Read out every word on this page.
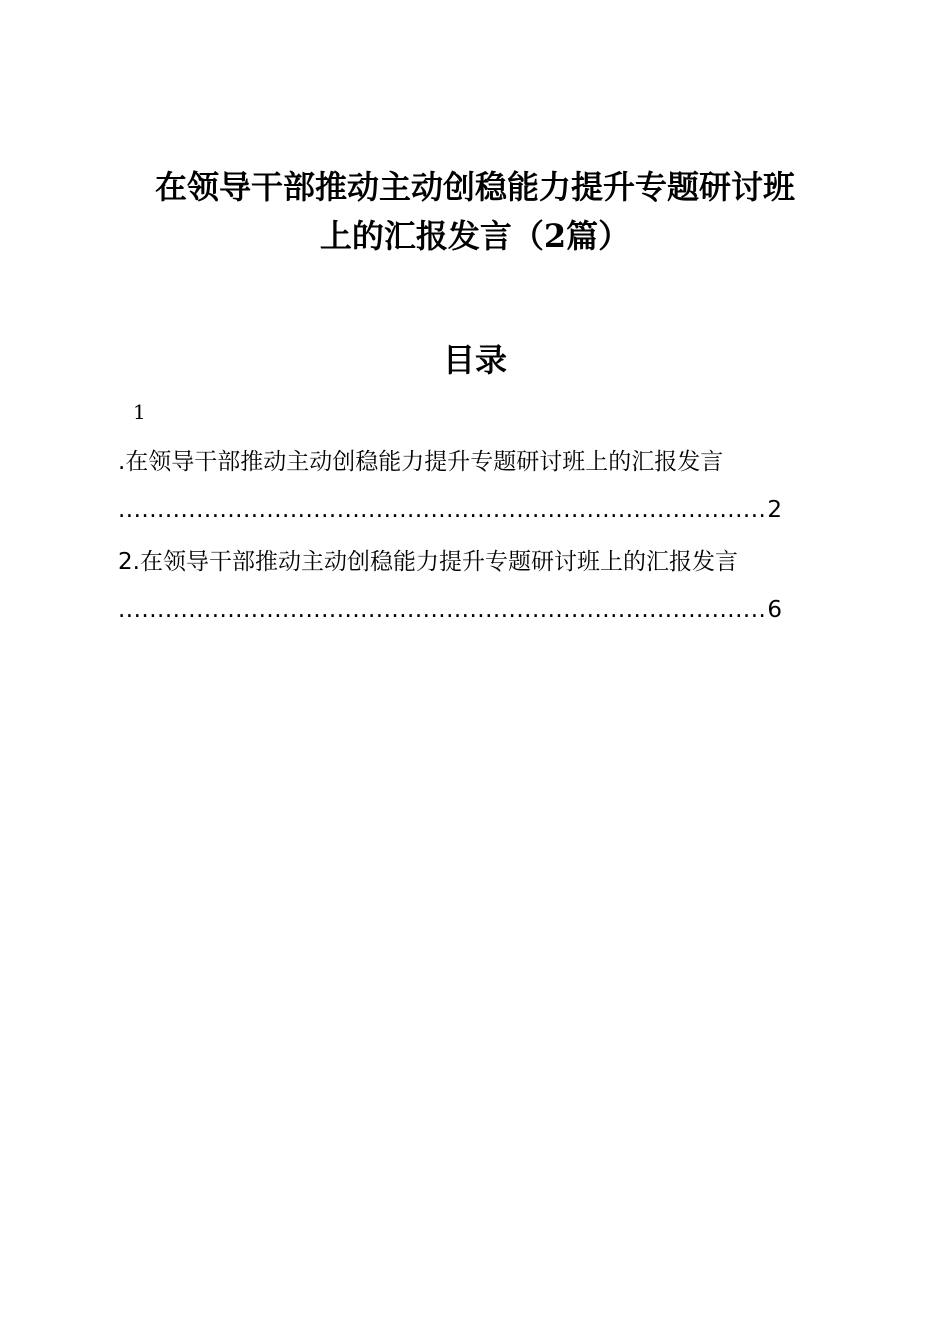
在领导干部推动主动创稳能力提升专题研讨班
上的汇报发言（2篇）
目录
1
.在领导干部推动主动创稳能力提升专题研讨班上的汇报发言
.....
2
2.在领导干部推动主动创稳能力提升专题研讨班上的汇报发言
.....
6
